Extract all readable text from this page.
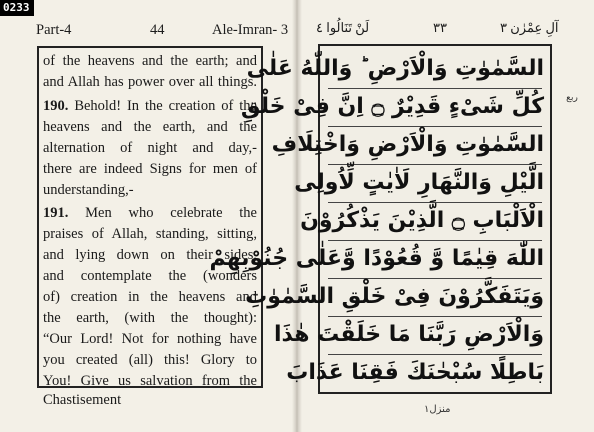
0233
Part-4	44	Ale-Imran- 3
of the heavens and the earth; and
and Allah has power over all things.
190. Behold! In the creation of the
heavens and the earth, and the
alternation of night and day,-
there are indeed Signs for men of
understanding,-
191. Men who celebrate the
praises of Allah, standing, sitting,
and lying down on their sides,
and contemplate the (wonders
of) creation in the heavens and
the earth, (with the thought):
“Our Lord! Not for nothing have
you created (all) this! Glory to
You! Give us salvation from the
Chastisement
لَنْ تَنَالُوا ٤	٣٣	آلِ عِمْرٰن ٣
السَّمٰوٰتِ وَالْاَرْضِ ؕ وَاللّٰهُ عَلٰى
كُلِّ شَىْءٍ قَدِيْرٌ ۝ اِنَّ فِىْ خَلْقِ
السَّمٰوٰتِ وَالْاَرْضِ وَاخْتِلَافِ
الَّيْلِ وَالنَّهَارِ لَاٰيٰتٍ لِّاُولِى
الْاَلْبَابِ ۝ الَّذِيْنَ يَذْكُرُوْنَ
اللّٰهَ قِيٰمًا وَّ قُعُوْدًا وَّعَلٰى جُنُوْبِهِمْ
وَيَتَفَكَّرُوْنَ فِىْ خَلْقِ السَّمٰوٰتِ
وَالْاَرْضِ رَبَّنَا مَا خَلَقْتَ هٰذَا
بَاطِلًا سُبْحٰنَكَ فَقِنَا عَذَابَ
ربع
منزل۱
